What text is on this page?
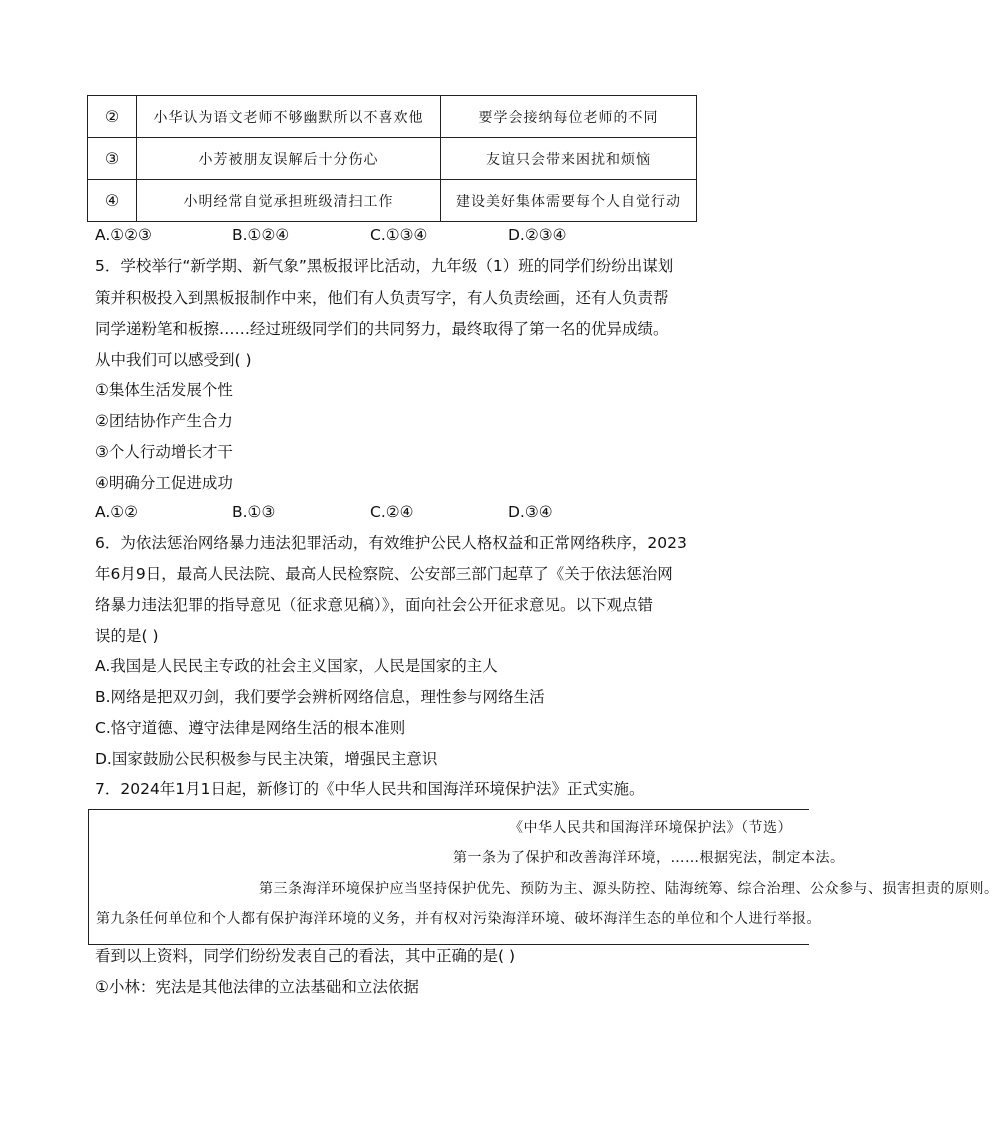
②	小华认为语文老师不够幽默所以不喜欢他	要学会接纳每位老师的不同
③	小芳被朋友误解后十分伤心	友谊只会带来困扰和烦恼
④	小明经常自觉承担班级清扫工作	建设美好集体需要每个人自觉行动
A.①②③	B.①②④	C.①③④	D.②③④
5．学校举行“新学期、新气象”黑板报评比活动，九年级（1）班的同学们纷纷出谋划
策并积极投入到黑板报制作中来，他们有人负责写字，有人负责绘画，还有人负责帮
同学递粉笔和板擦……经过班级同学们的共同努力，最终取得了第一名的优异成绩。
从中我们可以感受到( )
①集体生活发展个性
②团结协作产生合力
③个人行动增长才干
④明确分工促进成功
A.①②	B.①③	C.②④	D.③④
6．为依法惩治网络暴力违法犯罪活动，有效维护公民人格权益和正常网络秩序，2023
年6月9日，最高人民法院、最高人民检察院、公安部三部门起草了《关于依法惩治网
络暴力违法犯罪的指导意见（征求意见稿）》，面向社会公开征求意见。以下观点错
误的是( )
A.我国是人民民主专政的社会主义国家，人民是国家的主人
B.网络是把双刃剑，我们要学会辨析网络信息，理性参与网络生活
C.恪守道德、遵守法律是网络生活的根本准则
D.国家鼓励公民积极参与民主决策，增强民主意识
7．2024年1月1日起，新修订的《中华人民共和国海洋环境保护法》正式实施。
《中华人民共和国海洋环境保护法》（节选）
第一条为了保护和改善海洋环境，……根据宪法，制定本法。
第三条海洋环境保护应当坚持保护优先、预防为主、源头防控、陆海统筹、综合治理、公众参与、损害担责的原则。
第九条任何单位和个人都有保护海洋环境的义务，并有权对污染海洋环境、破坏海洋生态的单位和个人进行举报。
看到以上资料，同学们纷纷发表自己的看法，其中正确的是( )
①小林：宪法是其他法律的立法基础和立法依据
